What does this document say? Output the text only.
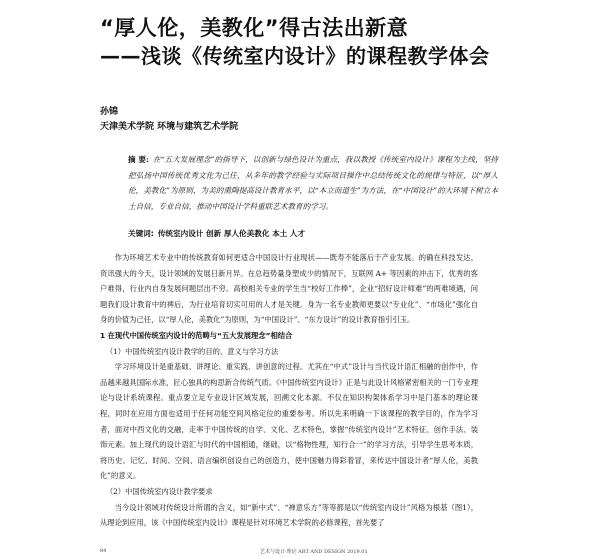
“厚人伦，美教化”得古法出新意
——浅谈《传统室内设计》的课程教学体会
孙锦
天津美术学院 环境与建筑艺术学院
摘 要: 在“五大发展理念”的指导下，以创新与绿色设计为重点，我以教授《传统室内设计》课程为主线，坚持把弘扬中国传统优秀文化为己任，从多年的教学经验与实际项目操作中总结传统文化的规律与特征，以“厚人伦，美教化”为原则，为美的熏陶提高设计教育水平，以“本立而道生”为方法，在“中国设计”的大环境下树立本土自信，专业自信，推动中国设计学科重联艺术教育的学习。
关键词: 传统室内设计 创新 厚人伦美教化 本土 人才

作为环境艺术专业中的传统教育如何更适合中国设计行业现状——既寿不能落后于产业发展。的确在科技发达，资讯强大的今天，设计领域的发展日新月异。在总趋势量身塑成少的情况下，互联网 A+ 等因素的冲击下，优秀的客户难得，行业内自身发展问题层出不穷。高校相关专业的学生当“校好工作棒”，企业“招好设计师难”的两难境遇，问题我们设计教育中的裨后，为行业培育切实可用的人才是关键。身为一名专业教师更要以“专业化”、“市场化”强化自身的价值为己任，以“厚人伦，美教化”为原则，为“中国设计”、“东方设计”的设计教育指引引玉。

1 在现代中国传统室内设计的范畴与“五大发展理念”相结合

（1）中国传统室内设计教学的目的、意义与学习方法

学习环境设计是重基础、讲理论、重实践、讲创意的过程。尤其在“中式”设计与当代设计语汇相融的创作中，作品越来越具国际水准，匠心独具的构思新合传统气质。《中国传统室内设计》正是与此设计风格紧密相关的一门专业理论与设计系统课程。重点要立足专业设计区域发展，回溯文化本源。不仅在知识构架体系学习中是门基本的理论课程，同时在应用方面也适用于任何功能空间风格定位的重要参考。所以先来明确一下该课程的教学目的，作为学习者，面对中西文化的交融，走率于中国传统的自学、文化、艺术特色，掌握“传统室内设计”艺术特征、创作手法、装饰元素。加上现代的设计语汇与时代的中国相通，继础，以“格物性理，知行合一”的学习方法，引导学生思考本质，将历史、记忆、时间、空间、语言编织创设自己的创造力，使中国魅力得彩着冒，来传达中国设计者“厚人伦，美教化”的意义。

（2）中国传统室内设计教学要求

当今设计领域对传统设计所谓的含义，如“新中式”、“禅意乐方”等等都是以“传统室内设计”风格为根基（图1），从理论到应用，该《中国传统室内设计》课程是针对环境艺术学院的必修课程，首先要了

84	艺术与设计·理论 ART AND DESIGN 2019.01
